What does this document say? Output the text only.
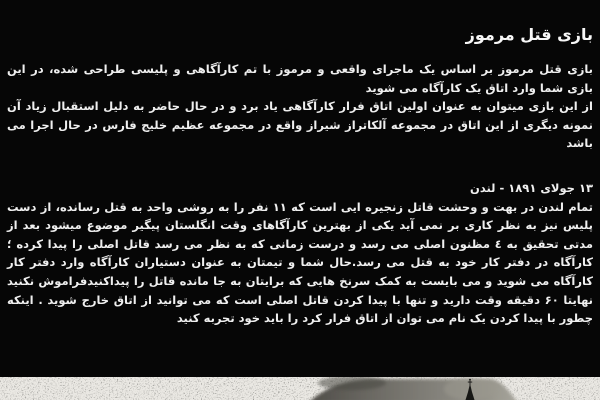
بازی قتل مرموز

بازی قتل مرموز بر اساس یک ماجرای واقعی و مرموز با تم کارآگاهی و پلیسی طراحی شده، در این بازی شما وارد اتاق یک کارآگاه می شوید

از این بازی میتوان به عنوان اولین اتاق فرار کارآگاهی یاد برد و در حال حاضر به دلیل استقبال زیاد آن نمونه دیگری از این اتاق در مجموعه آلکاتراز شیراز واقع در مجموعه عظیم خلیج فارس در حال اجرا می باشد

۱۳ جولای ۱۸۹۱ - لندن

تمام لندن در بهت و وحشت قاتل زنجیره ایی است که ۱۱ نفر را به روشی واحد به قتل رسانده، از دست پلیس نیز به نظر کاری بر نمی آید یکی از بهترین کارآگاهای وقت انگلستان پیگیر موضوع میشود بعد از مدتی تحقیق به ٤ مظنون اصلی می رسد و درست زمانی که به نظر می رسد قاتل اصلی را پیدا کرده ؛ کارآگاه در دفتر کار خود به قتل می رسد.حال شما و تیمتان به عنوان دستیاران کارآگاه وارد دفتر کار کارآگاه می شوید و می بایست به کمک سرنخ هایی که برایتان به جا مانده قاتل را پیداکنیدفراموش نکنید نهایتا ۶۰ دقیقه وقت دارید و تنها با پیدا کردن قاتل اصلی است که می توانید از اتاق خارج شوید . اینکه چطور با پیدا کردن یک نام می توان از اتاق فرار کرد را باید خود تجربه کنید
